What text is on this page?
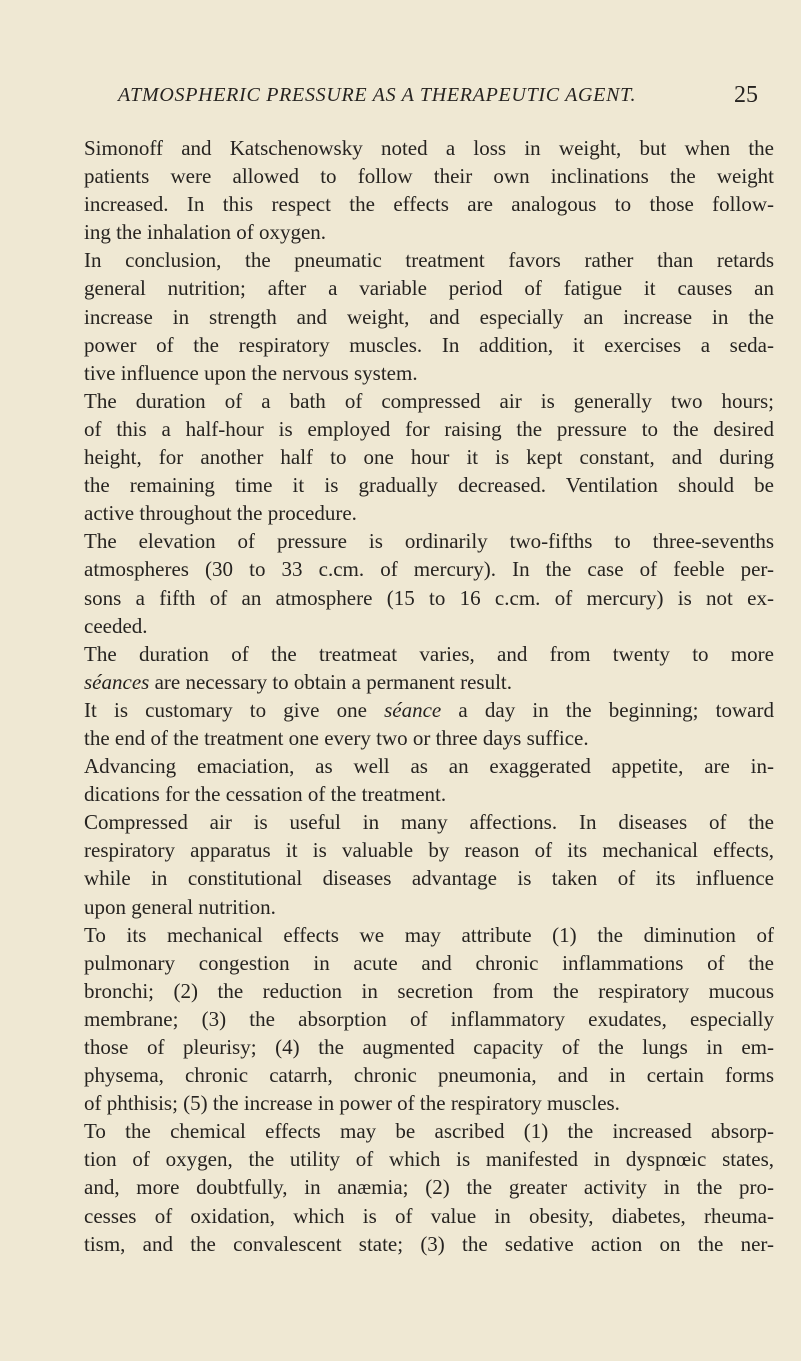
ATMOSPHERIC PRESSURE AS A THERAPEUTIC AGENT.	25
Simonoff and Katschenowsky noted a loss in weight, but when the
patients were allowed to follow their own inclinations the weight
increased. In this respect the effects are analogous to those follow-
ing the inhalation of oxygen.
In conclusion, the pneumatic treatment favors rather than retards
general nutrition; after a variable period of fatigue it causes an
increase in strength and weight, and especially an increase in the
power of the respiratory muscles. In addition, it exercises a seda-
tive influence upon the nervous system.
The duration of a bath of compressed air is generally two hours;
of this a half-hour is employed for raising the pressure to the desired
height, for another half to one hour it is kept constant, and during
the remaining time it is gradually decreased. Ventilation should be
active throughout the procedure.
The elevation of pressure is ordinarily two-fifths to three-sevenths
atmospheres (30 to 33 c.cm. of mercury). In the case of feeble per-
sons a fifth of an atmosphere (15 to 16 c.cm. of mercury) is not ex-
ceeded.
The duration of the treatmeat varies, and from twenty to more
séances are necessary to obtain a permanent result.
It is customary to give one séance a day in the beginning; toward
the end of the treatment one every two or three days suffice.
Advancing emaciation, as well as an exaggerated appetite, are in-
dications for the cessation of the treatment.
Compressed air is useful in many affections. In diseases of the
respiratory apparatus it is valuable by reason of its mechanical effects,
while in constitutional diseases advantage is taken of its influence
upon general nutrition.
To its mechanical effects we may attribute (1) the diminution of
pulmonary congestion in acute and chronic inflammations of the
bronchi; (2) the reduction in secretion from the respiratory mucous
membrane; (3) the absorption of inflammatory exudates, especially
those of pleurisy; (4) the augmented capacity of the lungs in em-
physema, chronic catarrh, chronic pneumonia, and in certain forms
of phthisis; (5) the increase in power of the respiratory muscles.
To the chemical effects may be ascribed (1) the increased absorp-
tion of oxygen, the utility of which is manifested in dyspnœic states,
and, more doubtfully, in anæmia; (2) the greater activity in the pro-
cesses of oxidation, which is of value in obesity, diabetes, rheuma-
tism, and the convalescent state; (3) the sedative action on the ner-
